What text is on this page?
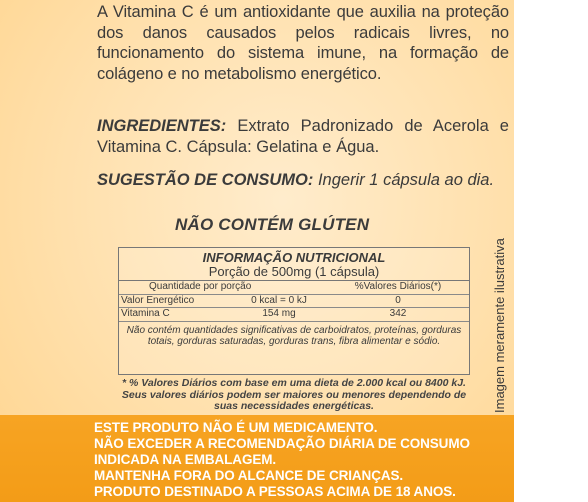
A Vitamina C é um antioxidante que auxilia na proteção dos danos causados pelos radicais livres, no funcionamento do sistema imune, na formação de colágeno e no metabolismo energético.

INGREDIENTES: Extrato Padronizado de Acerola e Vitamina C. Cápsula: Gelatina e Água.

SUGESTÃO DE CONSUMO: Ingerir 1 cápsula ao dia.

NÃO CONTÉM GLÚTEN

INFORMAÇÃO NUTRICIONAL
Porção de 500mg (1 cápsula)
Quantidade por porção	%Valores Diários(*)
Valor Energético	0 kcal = 0 kJ	0
Vitamina C	154 mg	342
Não contém quantidades significativas de carboidratos, proteínas, gorduras totais, gorduras saturadas, gorduras trans, fibra alimentar e sódio.

* % Valores Diários com base em uma dieta de 2.000 kcal ou 8400 kJ. Seus valores diários podem ser maiores ou menores dependendo de suas necessidades energéticas.

ESTE PRODUTO NÃO É UM MEDICAMENTO.
NÃO EXCEDER A RECOMENDAÇÃO DIÁRIA DE CONSUMO
INDICADA NA EMBALAGEM.
MANTENHA FORA DO ALCANCE DE CRIANÇAS.
PRODUTO DESTINADO A PESSOAS ACIMA DE 18 ANOS.
Imagem meramente ilustrativa
